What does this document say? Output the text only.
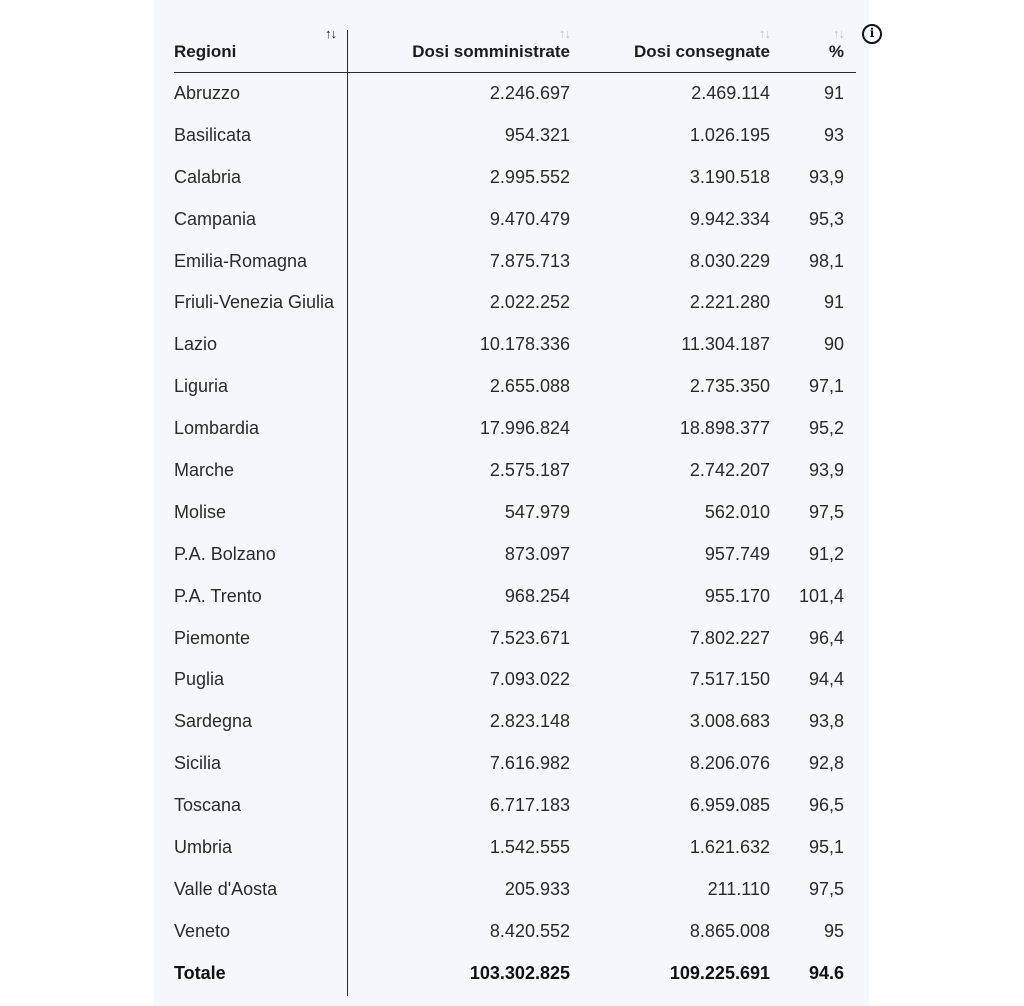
↑↓
Regioni
↑↓
Dosi somministrate
↑↓
Dosi consegnate
↑↓
%
Abruzzo	2.246.697	2.469.114	91
Basilicata	954.321	1.026.195	93
Calabria	2.995.552	3.190.518 93,9
Campania	9.470.479	9.942.334 95,3
Emilia-Romagna	7.875.713	8.030.229 98,1
Friuli-Venezia Giulia	2.022.252	2.221.280	91
Lazio	10.178.336	11.304.187	90
Liguria	2.655.088	2.735.350 97,1
Lombardia	17.996.824	18.898.377 95,2
Marche	2.575.187	2.742.207 93,9
Molise	547.979	562.010 97,5
P.A. Bolzano	873.097	957.749 91,2
P.A. Trento	968.254	955.170 101,4
Piemonte	7.523.671	7.802.227 96,4
Puglia	7.093.022	7.517.150 94,4
Sardegna	2.823.148	3.008.683 93,8
Sicilia	7.616.982	8.206.076 92,8
Toscana	6.717.183	6.959.085 96,5
Umbria	1.542.555	1.621.632 95,1
Valle d'Aosta	205.933	211.110 97,5
Veneto	8.420.552	8.865.008	95
Totale	103.302.825	109.225.691 94.6
i
